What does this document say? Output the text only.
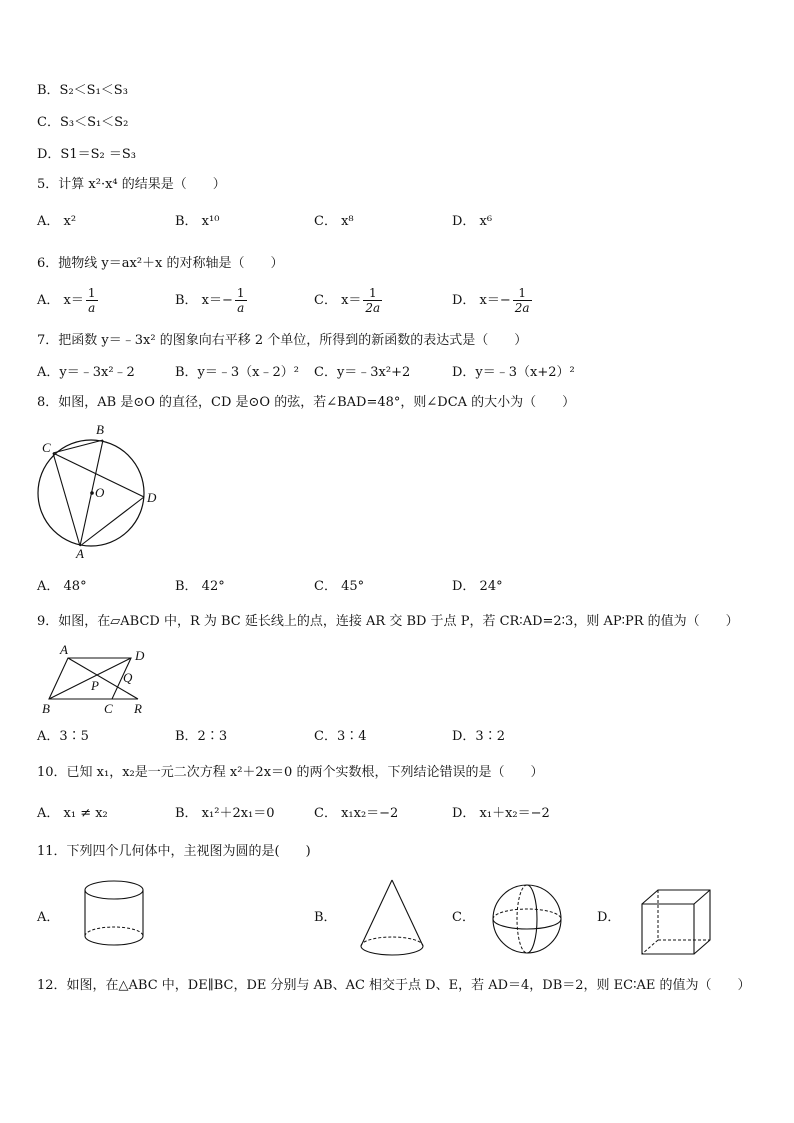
B．S₂＜S₁＜S₃
C．S₃＜S₁＜S₂
D．S1＝S₂ ＝S₃
5．计算 x²·x⁴ 的结果是（　　）
A． x²	B． x¹⁰	C． x⁸	D． x⁶
6．抛物线 y＝ax²＋x 的对称轴是（　　）
A． $x= \frac{1}{a}$	B． $x=- \frac{1}{a}$	C． $x= \frac{1}{2a}$	D． $x=- \frac{1}{2a}$
7．把函数 y＝﹣3x² 的图象向右平移 2 个单位，所得到的新函数的表达式是（　　）
A．y＝﹣3x²﹣2	B．y＝﹣3（x﹣2）² C．y＝﹣3x²+2	D．y＝﹣3（x+2）²
8．如图，AB 是⊙O 的直径，CD 是⊙O 的弦，若∠BAD=48°，则∠DCA 的大小为（　　）
B
C
O	D
A
A． 48°	B． 42°	C． 45°	D． 24°
9．如图，在▱ABCD 中，R 为 BC 延长线上的点，连接 AR 交 BD 于点 P，若 CR∶AD=2∶3，则 AP∶PR 的值为（　　）
A	D
P
Q
B	C R
A．3∶5	B．2∶3	C．3∶4	D．3∶2
10．已知 x₁，x₂是一元二次方程 x²＋2x＝0 的两个实数根，下列结论错误的是（　　）
A． x₁ ≠ x₂	B． x₁²＋2x₁＝0	C． x₁x₂＝−2	D． x₁＋x₂＝−2
11．下列四个几何体中，主视图为圆的是(　　)
A．	B．	C．	D．
12．如图，在△ABC 中，DE∥BC，DE 分别与 AB、AC 相交于点 D、E，若 AD＝4，DB＝2，则 EC∶AE 的值为（　　）
